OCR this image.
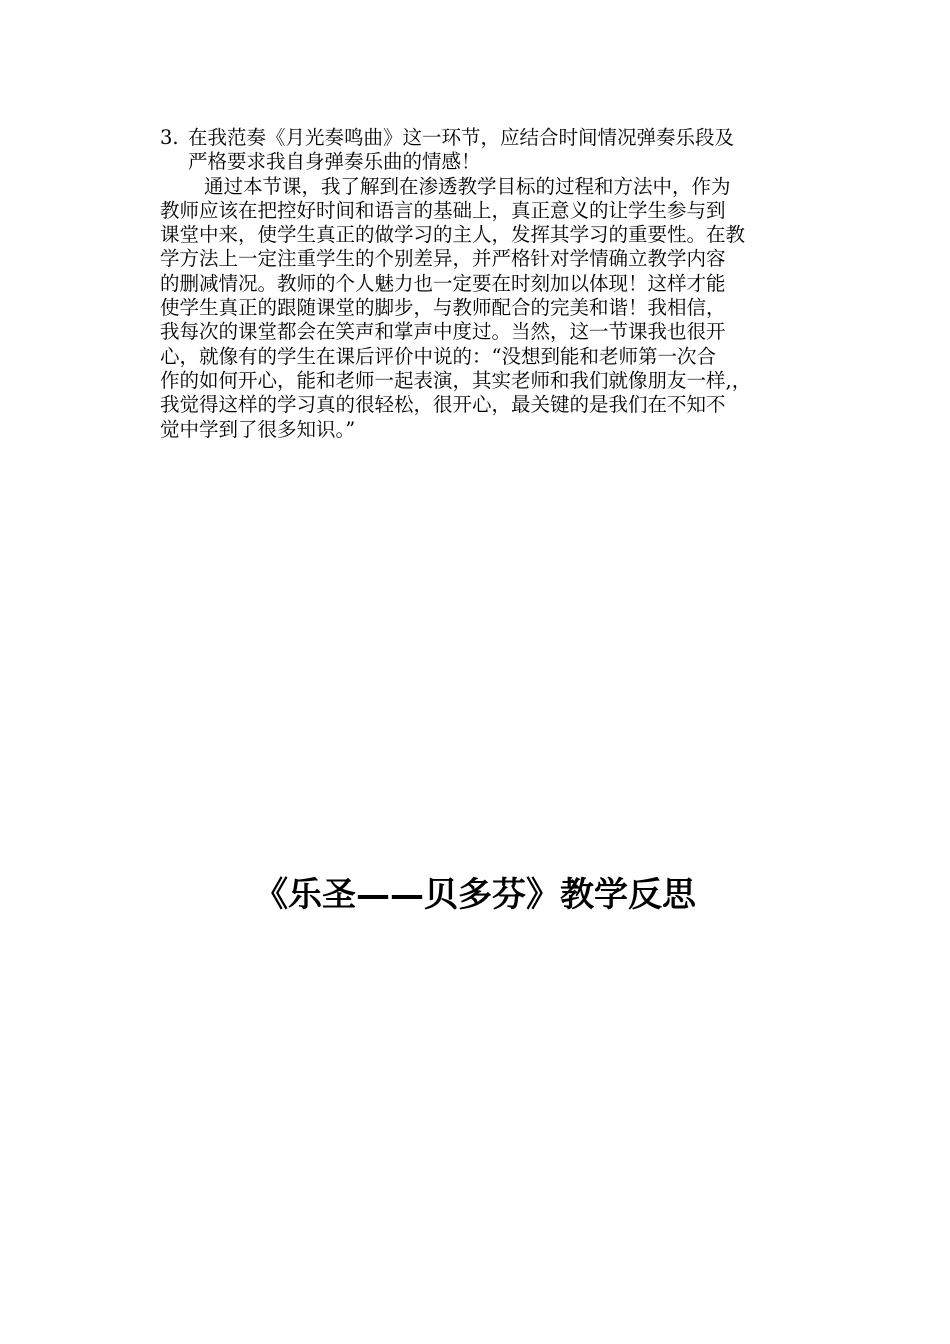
3. 在我范奏《月光奏鸣曲》这一环节，应结合时间情况弹奏乐段及
严格要求我自身弹奏乐曲的情感！
通过本节课，我了解到在渗透教学目标的过程和方法中，作为
教师应该在把控好时间和语言的基础上，真正意义的让学生参与到
课堂中来，使学生真正的做学习的主人，发挥其学习的重要性。在教
学方法上一定注重学生的个别差异，并严格针对学情确立教学内容
的删减情况。教师的个人魅力也一定要在时刻加以体现！这样才能
使学生真正的跟随课堂的脚步，与教师配合的完美和谐！我相信，
我每次的课堂都会在笑声和掌声中度过。当然，这一节课我也很开
心，就像有的学生在课后评价中说的：“没想到能和老师第一次合
作的如何开心，能和老师一起表演，其实老师和我们就像朋友一样,，
我觉得这样的学习真的很轻松，很开心，最关键的是我们在不知不
觉中学到了很多知识。”
《乐圣——贝多芬》教学反思
